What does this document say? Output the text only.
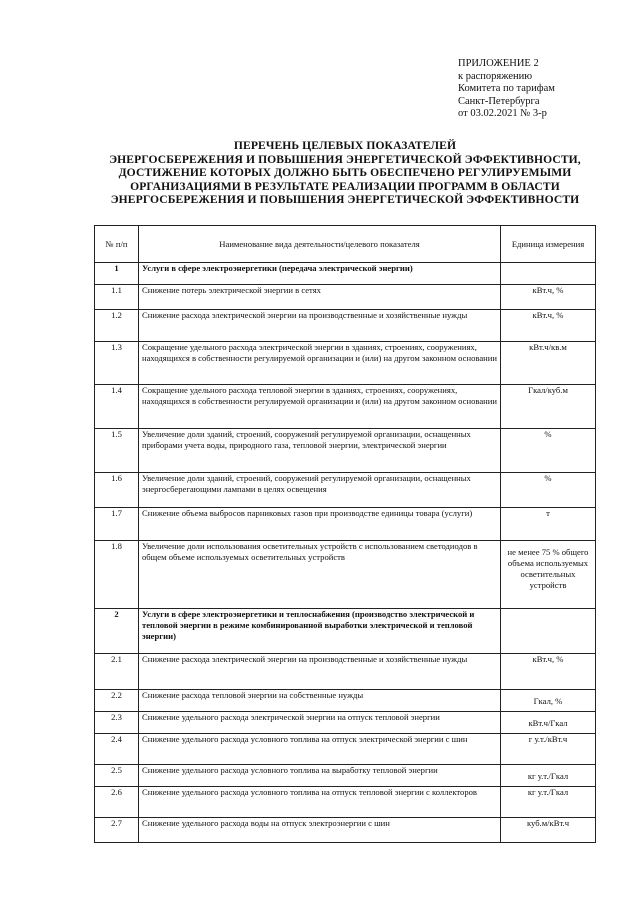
ПРИЛОЖЕНИЕ 2
к распоряжению
Комитета по тарифам
Санкт-Петербурга
от 03.02.2021 № 3-р
ПЕРЕЧЕНЬ ЦЕЛЕВЫХ ПОКАЗАТЕЛЕЙ
ЭНЕРГОСБЕРЕЖЕНИЯ И ПОВЫШЕНИЯ ЭНЕРГЕТИЧЕСКОЙ ЭФФЕКТИВНОСТИ,
ДОСТИЖЕНИЕ КОТОРЫХ ДОЛЖНО БЫТЬ ОБЕСПЕЧЕНО РЕГУЛИРУЕМЫМИ
ОРГАНИЗАЦИЯМИ В РЕЗУЛЬТАТЕ РЕАЛИЗАЦИИ ПРОГРАММ В ОБЛАСТИ
ЭНЕРГОСБЕРЕЖЕНИЯ И ПОВЫШЕНИЯ ЭНЕРГЕТИЧЕСКОЙ ЭФФЕКТИВНОСТИ
№ п/п	Наименование вида деятельности/целевого показателя	Единица измерения
1	Услуги в сфере электроэнергетики (передача электрической энергии)	
1.1	Снижение потерь электрической энергии в сетях	кВт.ч, %
1.2	Снижение расхода электрической энергии на производственные и хозяйственные нужды	кВт.ч, %
1.3	Сокращение удельного расхода электрической энергии в зданиях, строениях, сооружениях, находящихся в собственности регулируемой организации и (или) на другом законном основании	кВт.ч/кв.м
1.4	Сокращение удельного расхода тепловой энергии в зданиях, строениях, сооружениях, находящихся в собственности регулируемой организации и (или) на другом законном основании	Гкал/куб.м
1.5	Увеличение доли зданий, строений, сооружений регулируемой организации, оснащенных приборами учета воды, природного газа, тепловой энергии, электрической энергии	%
1.6	Увеличение доли зданий, строений, сооружений регулируемой организации, оснащенных энергосберегающими лампами в целях освещения	%
1.7	Снижение объема выбросов парниковых газов при производстве единицы товара (услуги)	т
1.8	Увеличение доли использования осветительных устройств с использованием светодиодов в общем объеме используемых осветительных устройств	не менее 75 % общего объема используемых осветительных устройств
2	Услуги в сфере электроэнергетики и теплоснабжения (производство электрической и тепловой энергии в режиме комбинированной выработки электрической и тепловой энергии)	
2.1	Снижение расхода электрической энергии на производственные и хозяйственные нужды	кВт.ч, %
2.2	Снижение расхода тепловой энергии на собственные нужды	Гкал, %
2.3	Снижение удельного расхода электрической энергии на отпуск тепловой энергии	кВт.ч/Гкал
2.4	Снижение удельного расхода условного топлива на отпуск электрической энергии с шин	г у.т./кВт.ч
2.5	Снижение удельного расхода условного топлива на выработку тепловой энергии	кг у.т./Гкал
2.6	Снижение удельного расхода условного топлива на отпуск тепловой энергии с коллекторов	кг у.т./Гкал
2.7	Снижение удельного расхода воды на отпуск электроэнергии с шин	куб.м/кВт.ч
